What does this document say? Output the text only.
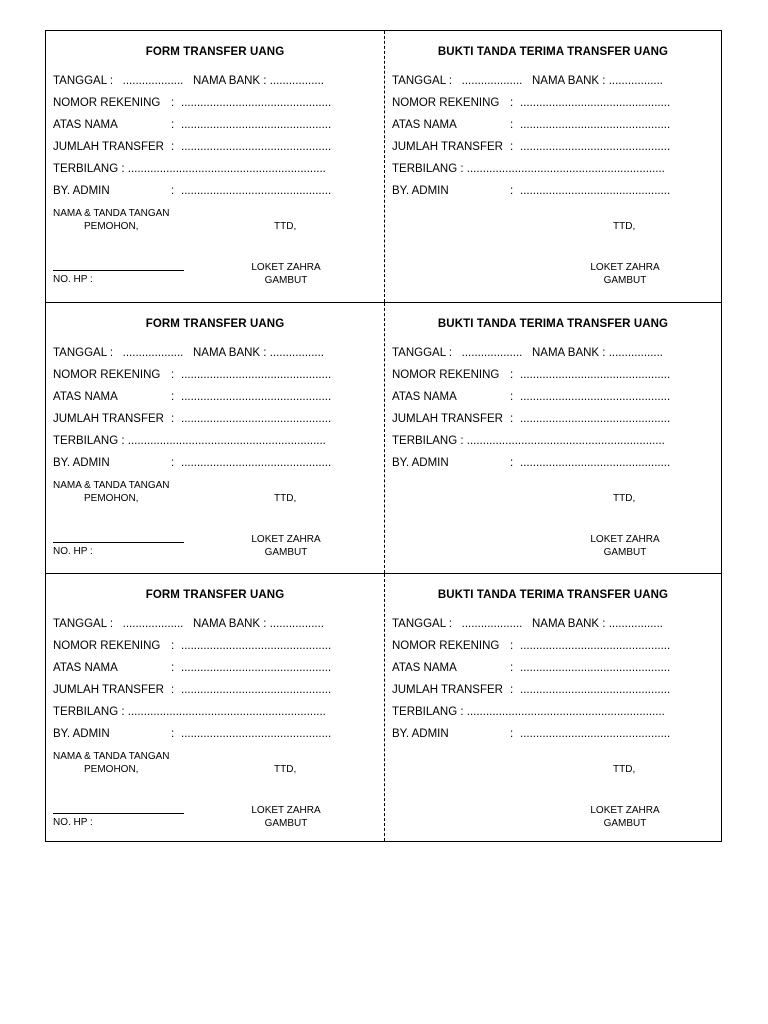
FORM TRANSFER UANG
TANGGAL : ................... NAMA BANK : .................
NOMOR REKENING : ...............................................
ATAS NAMA	: ...............................................
JUMLAH TRANSFER : ...............................................
TERBILANG : ..............................................................
BY. ADMIN	: ...............................................
NAMA & TANDA TANGAN
PEMOHON,	TTD,
NO. HP :
LOKET ZAHRA
GAMBUT
BUKTI TANDA TERIMA TRANSFER UANG
TANGGAL : ................... NAMA BANK : .................
NOMOR REKENING : ...............................................
ATAS NAMA	: ...............................................
JUMLAH TRANSFER : ...............................................
TERBILANG : ..............................................................
BY. ADMIN	: ...............................................
TTD,
LOKET ZAHRA
GAMBUT
FORM TRANSFER UANG
TANGGAL : ................... NAMA BANK : .................
NOMOR REKENING : ...............................................
ATAS NAMA	: ...............................................
JUMLAH TRANSFER : ...............................................
TERBILANG : ..............................................................
BY. ADMIN	: ...............................................
NAMA & TANDA TANGAN
PEMOHON,	TTD,
NO. HP :
LOKET ZAHRA
GAMBUT
BUKTI TANDA TERIMA TRANSFER UANG
TANGGAL : ................... NAMA BANK : .................
NOMOR REKENING : ...............................................
ATAS NAMA	: ...............................................
JUMLAH TRANSFER : ...............................................
TERBILANG : ..............................................................
BY. ADMIN	: ...............................................
TTD,
LOKET ZAHRA
GAMBUT
FORM TRANSFER UANG
TANGGAL : ................... NAMA BANK : .................
NOMOR REKENING : ...............................................
ATAS NAMA	: ...............................................
JUMLAH TRANSFER : ...............................................
TERBILANG : ..............................................................
BY. ADMIN	: ...............................................
NAMA & TANDA TANGAN
PEMOHON,	TTD,
NO. HP :
LOKET ZAHRA
GAMBUT
BUKTI TANDA TERIMA TRANSFER UANG
TANGGAL : ................... NAMA BANK : .................
NOMOR REKENING : ...............................................
ATAS NAMA	: ...............................................
JUMLAH TRANSFER : ...............................................
TERBILANG : ..............................................................
BY. ADMIN	: ...............................................
TTD,
LOKET ZAHRA
GAMBUT
